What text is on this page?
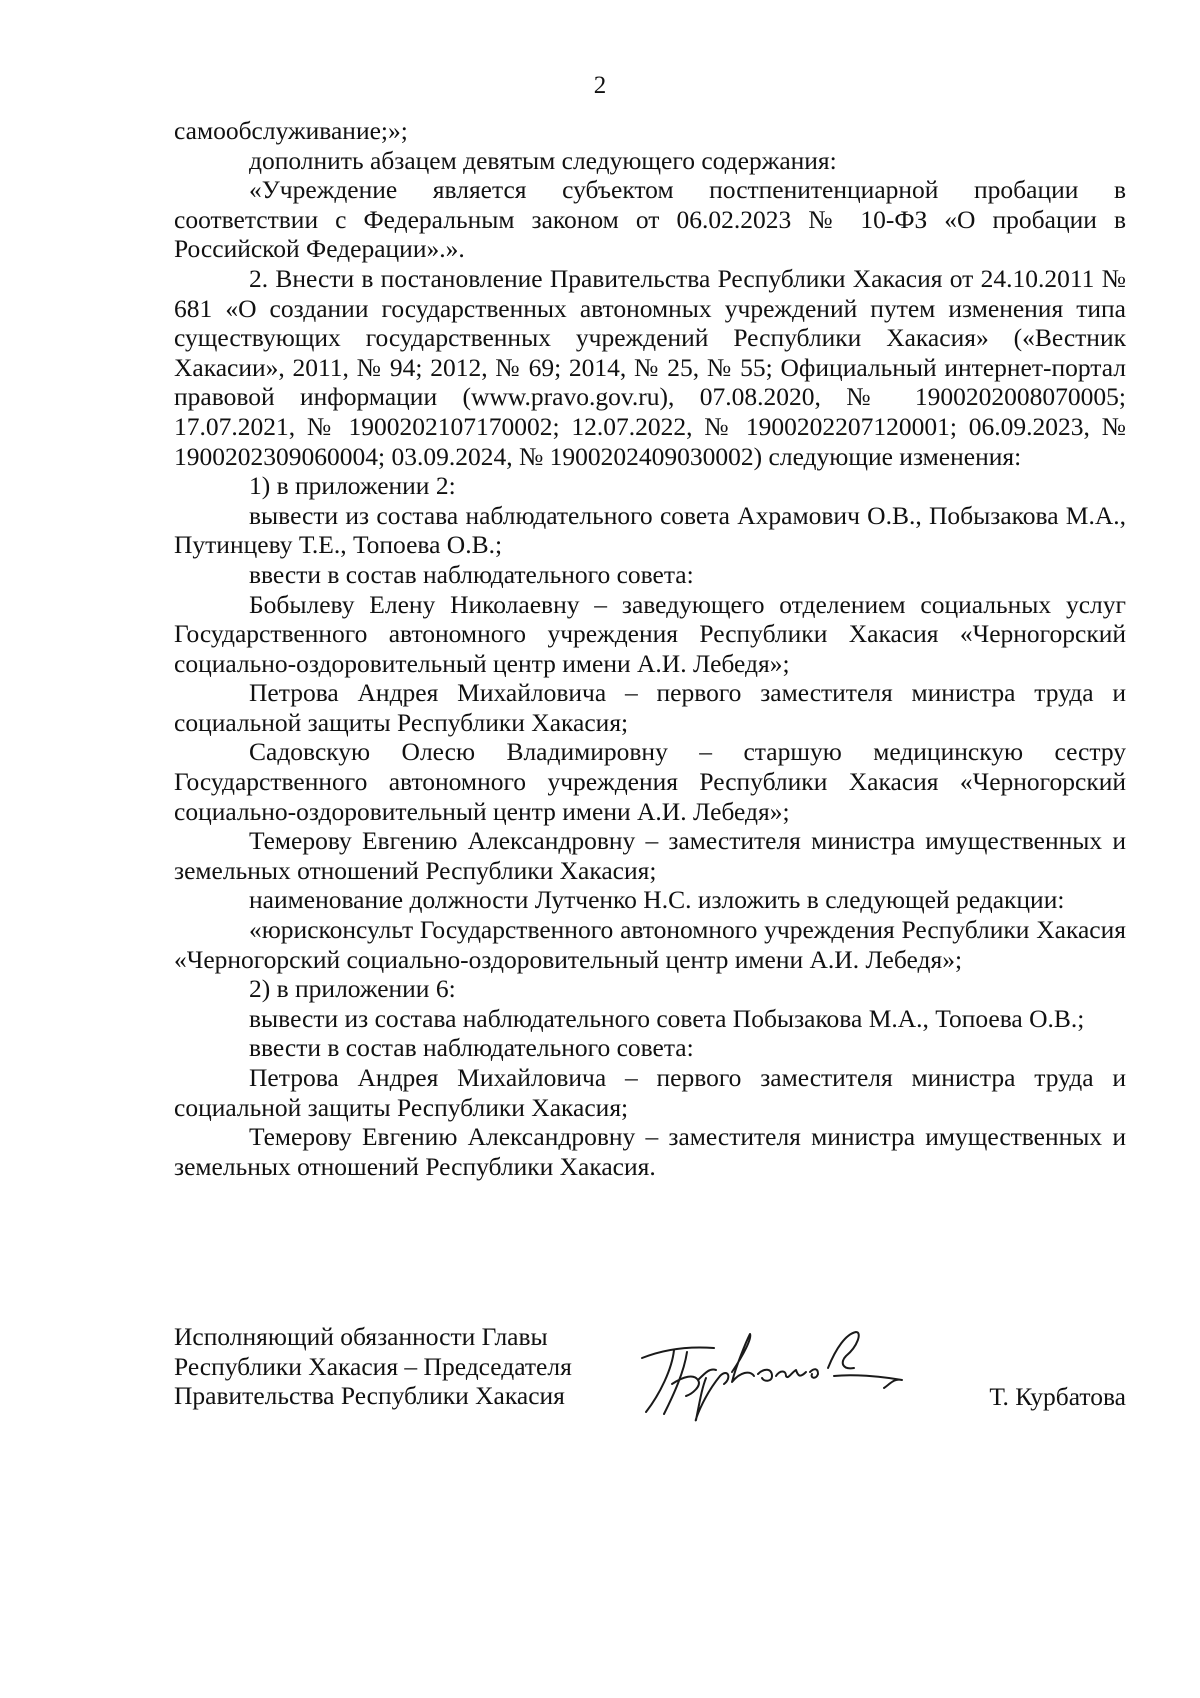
2

самообслуживание;»;

дополнить абзацем девятым следующего содержания:

«Учреждение является субъектом постпенитенциарной пробации в соответствии с Федеральным законом от 06.02.2023 № 10-ФЗ «О пробации в Российской Федерации».».

2. Внести в постановление Правительства Республики Хакасия от 24.10.2011 № 681 «О создании государственных автономных учреждений путем изменения типа существующих государственных учреждений Республики Хакасия» («Вестник Хакасии», 2011, № 94; 2012, № 69; 2014, № 25, № 55; Официальный интернет-портал правовой информации (www.pravo.gov.ru), 07.08.2020, № 1900202008070005; 17.07.2021, № 1900202107170002; 12.07.2022, № 1900202207120001; 06.09.2023, № 1900202309060004; 03.09.2024, № 1900202409030002) следующие изменения:

1) в приложении 2:

вывести из состава наблюдательного совета Ахрамович О.В., Побызакова М.А., Путинцеву Т.Е., Топоева О.В.;

ввести в состав наблюдательного совета:

Бобылеву Елену Николаевну – заведующего отделением социальных услуг Государственного автономного учреждения Республики Хакасия «Черногорский социально-оздоровительный центр имени А.И. Лебедя»;

Петрова Андрея Михайловича – первого заместителя министра труда и социальной защиты Республики Хакасия;

Садовскую Олесю Владимировну – старшую медицинскую сестру Государственного автономного учреждения Республики Хакасия «Черногорский социально-оздоровительный центр имени А.И. Лебедя»;

Темерову Евгению Александровну – заместителя министра имущественных и земельных отношений Республики Хакасия;

наименование должности Лутченко Н.С. изложить в следующей редакции:

«юрисконсульт Государственного автономного учреждения Республики Хакасия «Черногорский социально-оздоровительный центр имени А.И. Лебедя»;

2) в приложении 6:

вывести из состава наблюдательного совета Побызакова М.А., Топоева О.В.;

ввести в состав наблюдательного совета:

Петрова Андрея Михайловича – первого заместителя министра труда и социальной защиты Республики Хакасия;

Темерову Евгению Александровну – заместителя министра имущественных и земельных отношений Республики Хакасия.

Исполняющий обязанности Главы
Республики Хакасия – Председателя
Правительства Республики Хакасия	Т. Курбатова
